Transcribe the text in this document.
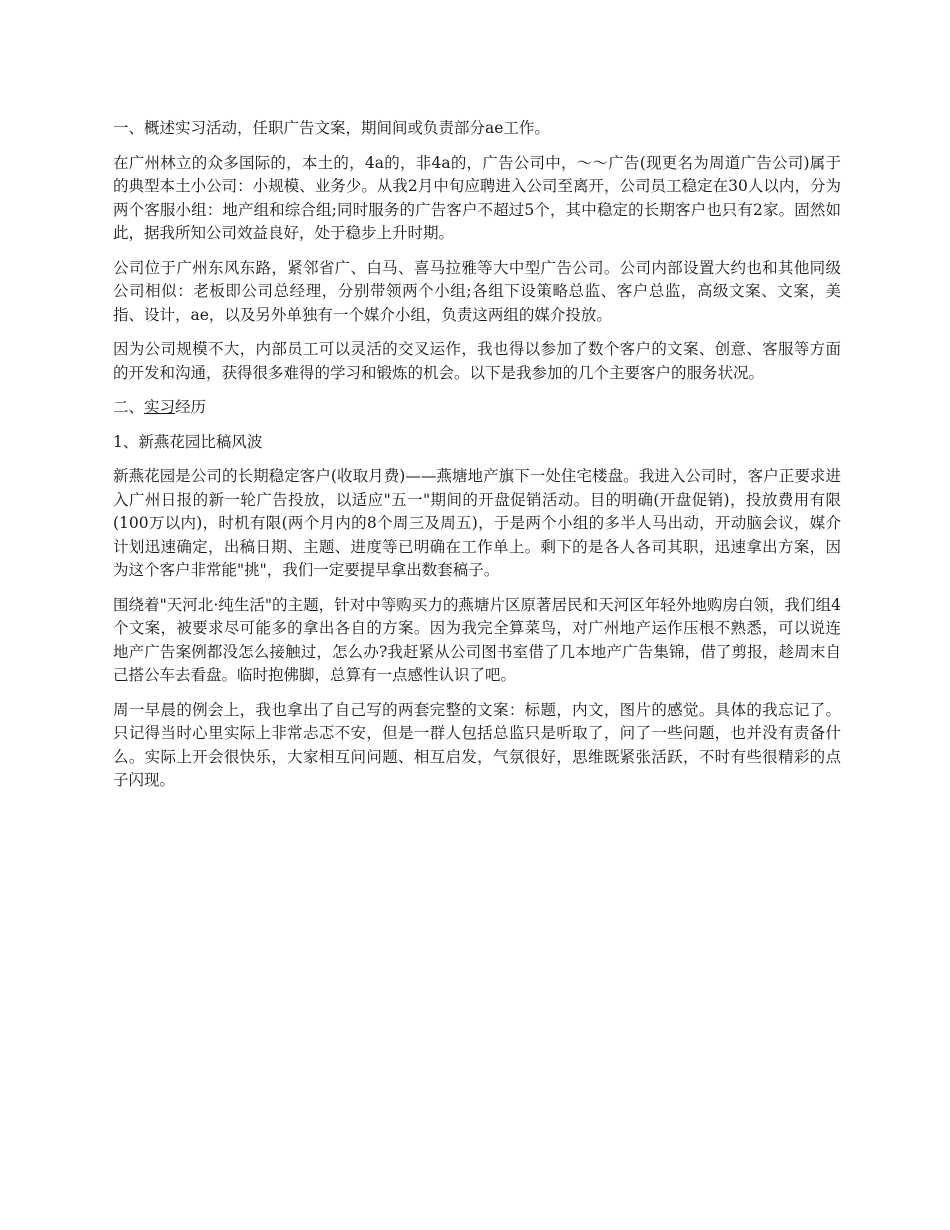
一、概述实习活动，任职广告文案，期间间或负责部分ae工作。

在广州林立的众多国际的，本土的，4a的，非4a的，广告公司中，～～广告(现更名为周道广告公司)属于的典型本土小公司：小规模、业务少。从我2月中旬应聘进入公司至离开，公司员工稳定在30人以内，分为两个客服小组：地产组和综合组;同时服务的广告客户不超过5个，其中稳定的长期客户也只有2家。固然如此，据我所知公司效益良好，处于稳步上升时期。

公司位于广州东风东路，紧邻省广、白马、喜马拉雅等大中型广告公司。公司内部设置大约也和其他同级公司相似：老板即公司总经理，分别带领两个小组;各组下设策略总监、客户总监，高级文案、文案，美指、设计，ae，以及另外单独有一个媒介小组，负责这两组的媒介投放。

因为公司规模不大，内部员工可以灵活的交叉运作，我也得以参加了数个客户的文案、创意、客服等方面的开发和沟通，获得很多难得的学习和锻炼的机会。以下是我参加的几个主要客户的服务状况。

二、实习经历

1、新燕花园比稿风波

新燕花园是公司的长期稳定客户(收取月费)——燕塘地产旗下一处住宅楼盘。我进入公司时，客户正要求进入广州日报的新一轮广告投放，以适应"五一"期间的开盘促销活动。目的明确(开盘促销)，投放费用有限(100万以内)，时机有限(两个月内的8个周三及周五)，于是两个小组的多半人马出动，开动脑会议，媒介计划迅速确定，出稿日期、主题、进度等已明确在工作单上。剩下的是各人各司其职，迅速拿出方案，因为这个客户非常能"挑"，我们一定要提早拿出数套稿子。

围绕着"天河北·纯生活"的主题，针对中等购买力的燕塘片区原著居民和天河区年轻外地购房白领，我们组4个文案，被要求尽可能多的拿出各自的方案。因为我完全算菜鸟，对广州地产运作压根不熟悉，可以说连地产广告案例都没怎么接触过，怎么办?我赶紧从公司图书室借了几本地产广告集锦，借了剪报，趁周末自己搭公车去看盘。临时抱佛脚，总算有一点感性认识了吧。

周一早晨的例会上，我也拿出了自己写的两套完整的文案：标题，内文，图片的感觉。具体的我忘记了。只记得当时心里实际上非常忐忑不安，但是一群人包括总监只是听取了，问了一些问题，也并没有责备什么。实际上开会很快乐，大家相互问问题、相互启发，气氛很好，思维既紧张活跃，不时有些很精彩的点子闪现。
